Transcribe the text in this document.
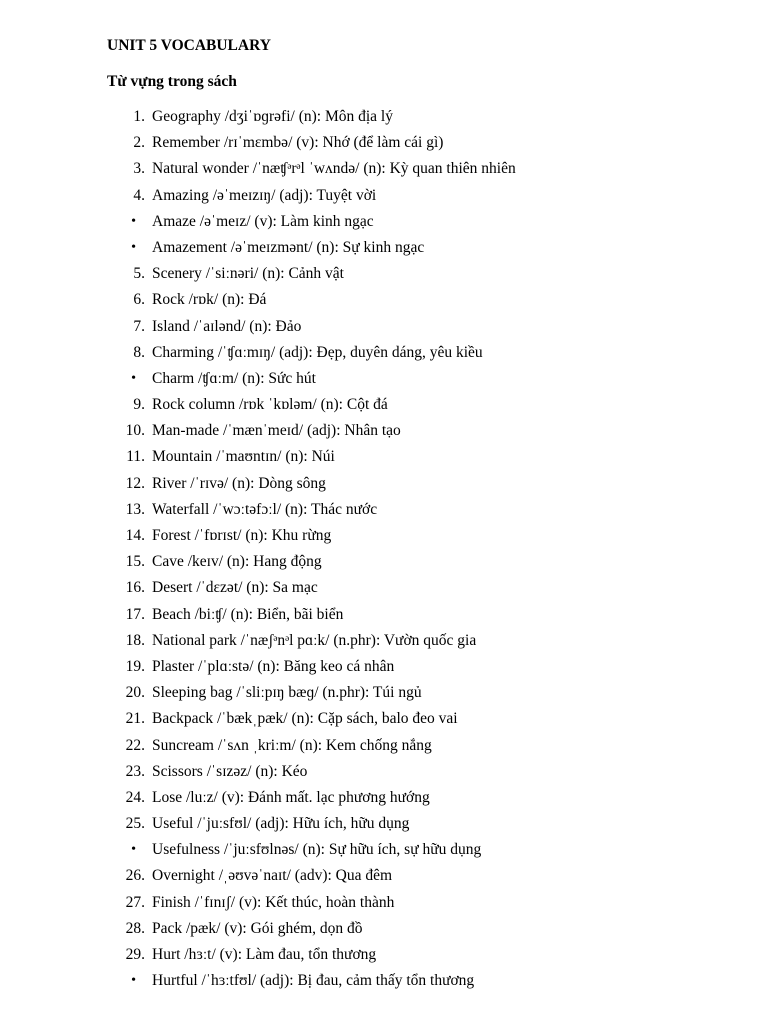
UNIT 5 VOCABULARY
Từ vựng trong sách
1. Geography /dʒiˈɒɡrəfi/ (n): Môn địa lý
2. Remember /rɪˈmɛmbə/ (v): Nhớ (để làm cái gì)
3. Natural wonder /ˈnæʧᵊrᵊl ˈwʌndə/ (n): Kỳ quan thiên nhiên
4. Amazing /əˈmeɪzɪŋ/ (adj): Tuyệt vời
• Amaze /əˈmeɪz/ (v): Làm kinh ngạc
• Amazement /əˈmeɪzmənt/ (n): Sự kinh ngạc
5. Scenery /ˈsiːnəri/ (n): Cảnh vật
6. Rock /rɒk/ (n): Đá
7. Island /ˈaɪlənd/ (n): Đảo
8. Charming /ˈʧɑːmɪŋ/ (adj): Đẹp, duyên dáng, yêu kiều
• Charm /ʧɑːm/ (n): Sức hút
9. Rock column /rɒk ˈkɒləm/ (n): Cột đá
10. Man-made /ˈmænˈmeɪd/ (adj): Nhân tạo
11. Mountain /ˈmaʊntɪn/ (n): Núi
12. River /ˈrɪvə/ (n): Dòng sông
13. Waterfall /ˈwɔːtəfɔːl/ (n): Thác nước
14. Forest /ˈfɒrɪst/ (n): Khu rừng
15. Cave /keɪv/ (n): Hang động
16. Desert /ˈdɛzət/ (n): Sa mạc
17. Beach /biːʧ/ (n): Biển, bãi biển
18. National park /ˈnæʃᵊnᵊl pɑːk/ (n.phr): Vườn quốc gia
19. Plaster /ˈplɑːstə/ (n): Băng keo cá nhân
20. Sleeping bag /ˈsliːpɪŋ bæɡ/ (n.phr): Túi ngủ
21. Backpack /ˈbækˌpæk/ (n): Cặp sách, balo đeo vai
22. Suncream /ˈsʌn ˌkriːm/ (n): Kem chống nắng
23. Scissors /ˈsɪzəz/ (n): Kéo
24. Lose /luːz/ (v): Đánh mất. lạc phương hướng
25. Useful /ˈjuːsfʊl/ (adj): Hữu ích, hữu dụng
• Usefulness /ˈjuːsfʊlnəs/ (n): Sự hữu ích, sự hữu dụng
26. Overnight /ˌəʊvəˈnaɪt/ (adv): Qua đêm
27. Finish /ˈfɪnɪʃ/ (v): Kết thúc, hoàn thành
28. Pack /pæk/ (v): Gói ghém, dọn đồ
29. Hurt /hɜːt/ (v): Làm đau, tổn thương
• Hurtful /ˈhɜːtfʊl/ (adj): Bị đau, cảm thấy tổn thương
